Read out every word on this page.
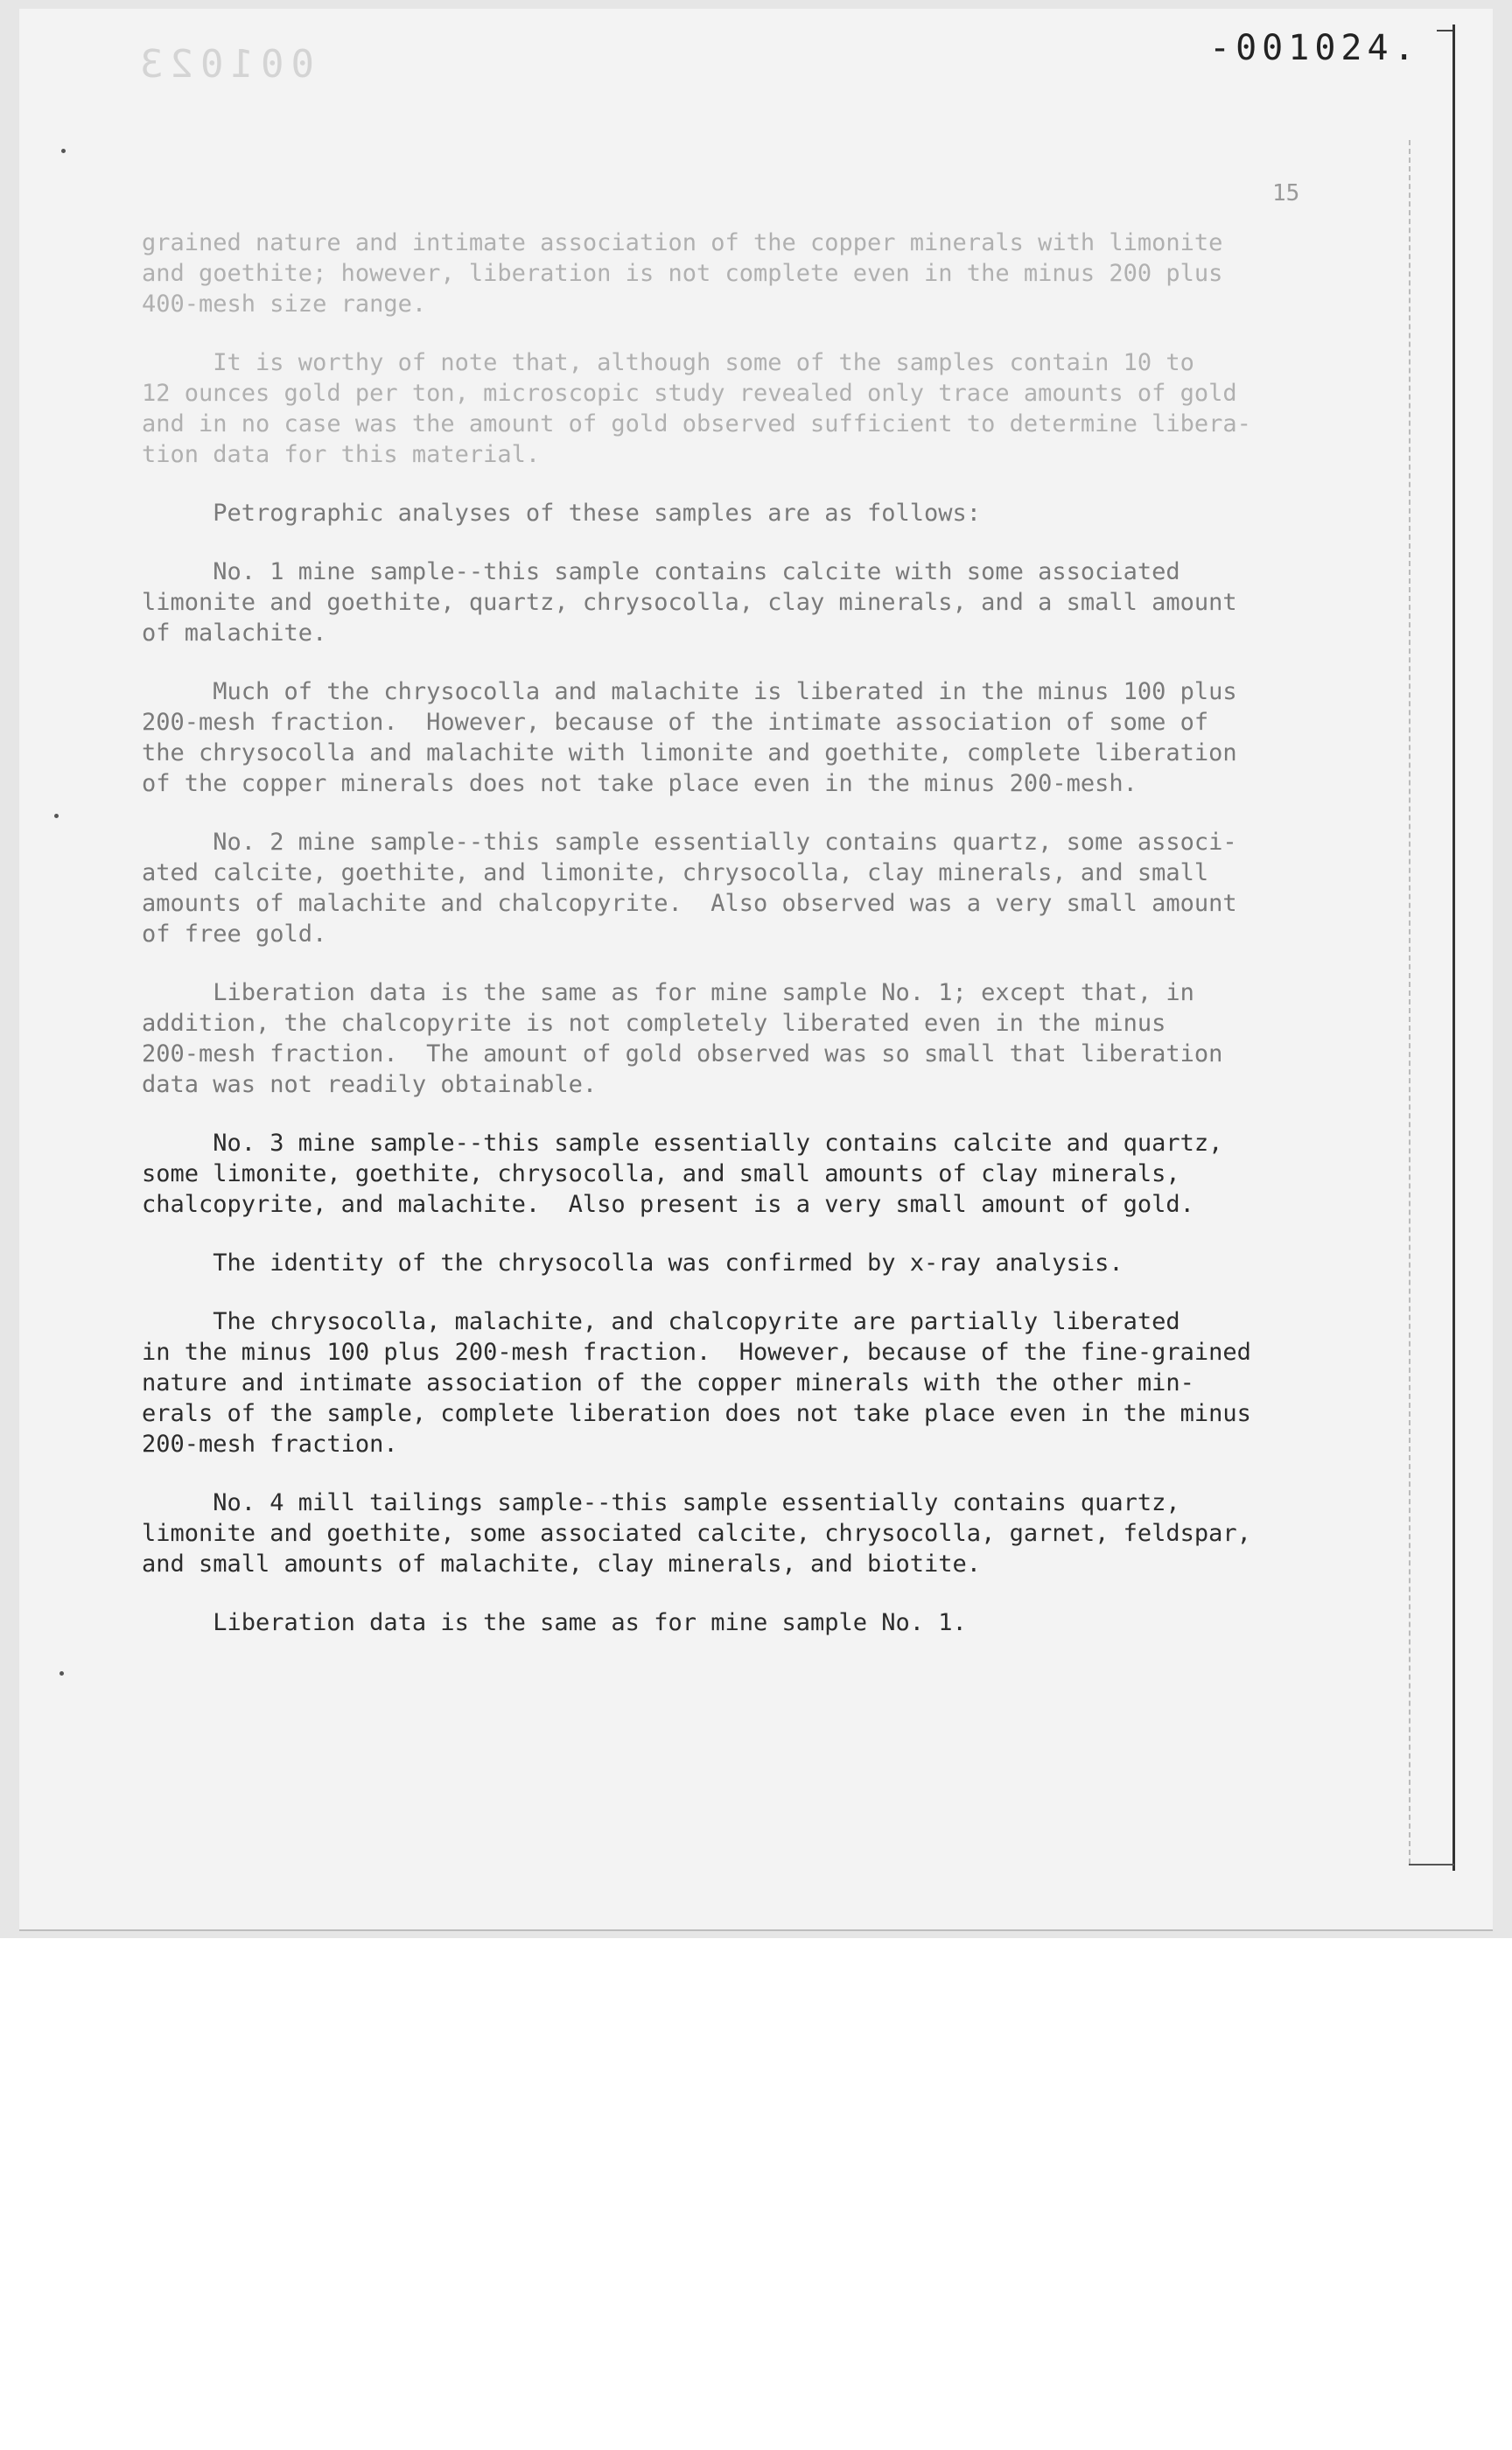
001023	-001024.
15

grained nature and intimate association of the copper minerals with limonite
and goethite; however, liberation is not complete even in the minus 200 plus
400-mesh size range.

It is worthy of note that, although some of the samples contain 10 to
12 ounces gold per ton, microscopic study revealed only trace amounts of gold
and in no case was the amount of gold observed sufficient to determine libera-
tion data for this material.

Petrographic analyses of these samples are as follows:

No. 1 mine sample--this sample contains calcite with some associated
limonite and goethite, quartz, chrysocolla, clay minerals, and a small amount
of malachite.

Much of the chrysocolla and malachite is liberated in the minus 100 plus
200-mesh fraction.  However, because of the intimate association of some of
the chrysocolla and malachite with limonite and goethite, complete liberation
of the copper minerals does not take place even in the minus 200-mesh.

No. 2 mine sample--this sample essentially contains quartz, some associ-
ated calcite, goethite, and limonite, chrysocolla, clay minerals, and small
amounts of malachite and chalcopyrite.  Also observed was a very small amount
of free gold.

Liberation data is the same as for mine sample No. 1; except that, in
addition, the chalcopyrite is not completely liberated even in the minus
200-mesh fraction.  The amount of gold observed was so small that liberation
data was not readily obtainable.

No. 3 mine sample--this sample essentially contains calcite and quartz,
some limonite, goethite, chrysocolla, and small amounts of clay minerals,
chalcopyrite, and malachite.  Also present is a very small amount of gold.

The identity of the chrysocolla was confirmed by x-ray analysis.

The chrysocolla, malachite, and chalcopyrite are partially liberated
in the minus 100 plus 200-mesh fraction.  However, because of the fine-grained
nature and intimate association of the copper minerals with the other min-
erals of the sample, complete liberation does not take place even in the minus
200-mesh fraction.

No. 4 mill tailings sample--this sample essentially contains quartz,
limonite and goethite, some associated calcite, chrysocolla, garnet, feldspar,
and small amounts of malachite, clay minerals, and biotite.

Liberation data is the same as for mine sample No. 1.
